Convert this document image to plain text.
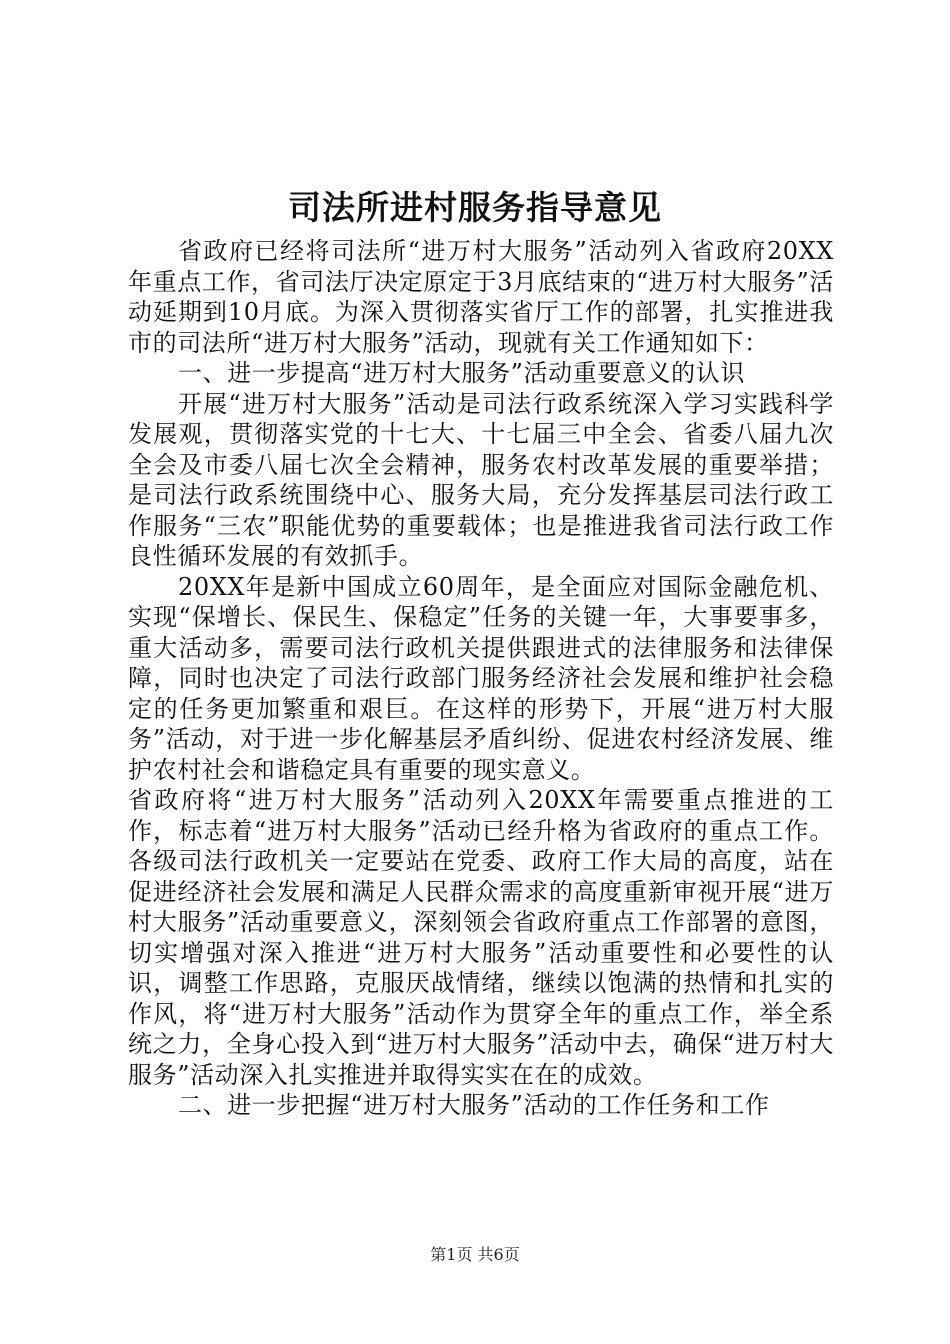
司法所进村服务指导意见

省政府已经将司法所“进万村大服务”活动列入省政府20XX年重点工作，省司法厅决定原定于3月底结束的“进万村大服务”活动延期到10月底。为深入贯彻落实省厅工作的部署，扎实推进我市的司法所“进万村大服务”活动，现就有关工作通知如下：

一、进一步提高“进万村大服务”活动重要意义的认识

开展“进万村大服务”活动是司法行政系统深入学习实践科学发展观，贯彻落实党的十七大、十七届三中全会、省委八届九次全会及市委八届七次全会精神，服务农村改革发展的重要举措；是司法行政系统围绕中心、服务大局，充分发挥基层司法行政工作服务“三农”职能优势的重要载体；也是推进我省司法行政工作良性循环发展的有效抓手。

20XX年是新中国成立60周年，是全面应对国际金融危机、实现“保增长、保民生、保稳定”任务的关键一年，大事要事多，重大活动多，需要司法行政机关提供跟进式的法律服务和法律保障，同时也决定了司法行政部门服务经济社会发展和维护社会稳定的任务更加繁重和艰巨。在这样的形势下，开展“进万村大服务”活动，对于进一步化解基层矛盾纠纷、促进农村经济发展、维护农村社会和谐稳定具有重要的现实意义。

省政府将“进万村大服务”活动列入20XX年需要重点推进的工作，标志着“进万村大服务”活动已经升格为省政府的重点工作。各级司法行政机关一定要站在党委、政府工作大局的高度，站在促进经济社会发展和满足人民群众需求的高度重新审视开展“进万村大服务”活动重要意义，深刻领会省政府重点工作部署的意图，切实增强对深入推进“进万村大服务”活动重要性和必要性的认识，调整工作思路，克服厌战情绪，继续以饱满的热情和扎实的作风，将“进万村大服务”活动作为贯穿全年的重点工作，举全系统之力，全身心投入到“进万村大服务”活动中去，确保“进万村大服务”活动深入扎实推进并取得实实在在的成效。

二、进一步把握“进万村大服务”活动的工作任务和工作

第1页 共6页
